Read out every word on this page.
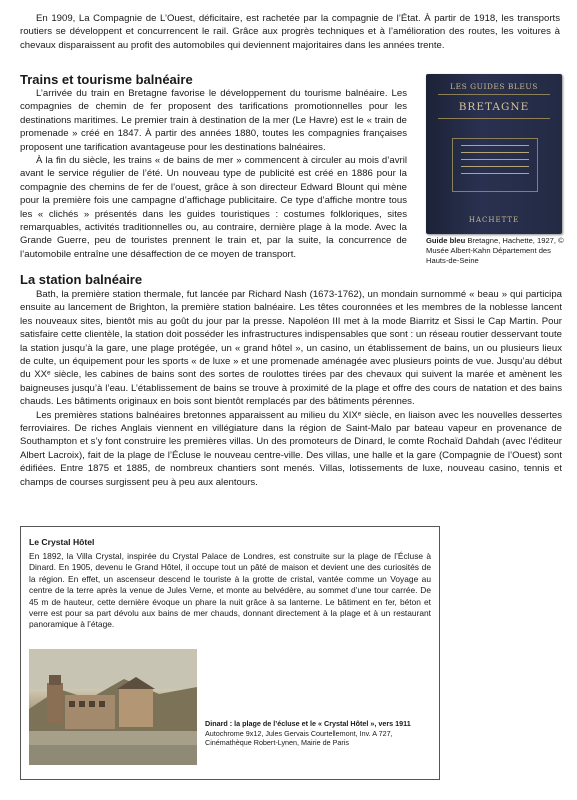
En 1909, La Compagnie de L’Ouest, déficitaire, est rachetée par la compagnie de l’État. À partir de 1918, les transports routiers se développent et concurrencent le rail. Grâce aux progrès techniques et à l’amélioration des routes, les voitures à chevaux disparaissent au profit des automobiles qui deviennent majoritaires dans les années trente.

Trains et tourisme balnéaire

L’arrivée du train en Bretagne favorise le développement du tourisme balnéaire. Les compagnies de chemin de fer proposent des tarifications promotionnelles pour les destinations maritimes. Le premier train à destination de la mer (Le Havre) est le « train de promenade » créé en 1847. À partir des années 1880, toutes les compagnies françaises proposent une tarification avantageuse pour les destinations balnéaires.

À la fin du siècle, les trains « de bains de mer » commencent à circuler au mois d’avril avant le service régulier de l’été. Un nouveau type de publicité est créé en 1886 pour la compagnie des chemins de fer de l’ouest, grâce à son directeur Edward Blount qui mène pour la première fois une campagne d’affichage publicitaire. Ce type d’affiche montre tous les « clichés » présentés dans les guides touristiques : costumes folkloriques, sites remarquables, activités traditionnelles ou, au contraire, dernière plage à la mode. Avec la Grande Guerre, peu de touristes prennent le train et, par la suite, la concurrence de l’automobile entraîne une désaffection de ce moyen de transport.

LES GUIDES BLEUS
BRETAGNE
HACHETTE

Guide bleu Bretagne, Hachette, 1927, © Musée Albert-Kahn Département des Hauts-de-Seine

La station balnéaire

Bath, la première station thermale, fut lancée par Richard Nash (1673-1762), un mondain surnommé « beau » qui participa ensuite au lancement de Brighton, la première station balnéaire. Les têtes couronnées et les membres de la noblesse lancent les nouveaux sites, bientôt mis au goût du jour par la presse. Napoléon III met à la mode Biarritz et Sissi le Cap Martin. Pour satisfaire cette clientèle, la station doit posséder les infrastructures indispensables que sont : un réseau routier desservant toute la station jusqu’à la gare, une plage protégée, un « grand hôtel », un casino, un établissement de bains, un ou plusieurs lieux de culte, un équipement pour les sports « de luxe » et une promenade aménagée avec plusieurs points de vue. Jusqu’au début du XXᵉ siècle, les cabines de bains sont des sortes de roulottes tirées par des chevaux qui suivent la marée et amènent les baigneuses jusqu’à l’eau. L’établissement de bains se trouve à proximité de la plage et offre des cours de natation et des bains chauds. Les bâtiments originaux en bois sont bientôt remplacés par des bâtiments pérennes.

Les premières stations balnéaires bretonnes apparaissent au milieu du XIXᵉ siècle, en liaison avec les nouvelles dessertes ferroviaires. De riches Anglais viennent en villégiature dans la région de Saint-Malo par bateau vapeur en provenance de Southampton et s’y font construire les premières villas. Un des promoteurs de Dinard, le comte Rochaïd Dahdah (avec l’éditeur Albert Lacroix), fait de la plage de l’Écluse le nouveau centre-ville. Des villas, une halle et la gare (Compagnie de l’Ouest) sont édifiées. Entre 1875 et 1885, de nombreux chantiers sont menés. Villas, lotissements de luxe, nouveau casino, tennis et champs de courses surgissent peu à peu aux alentours.

Le Crystal Hôtel

En 1892, la Villa Crystal, inspirée du Crystal Palace de Londres, est construite sur la plage de l’Écluse à Dinard. En 1905, devenu le Grand Hôtel, il occupe tout un pâté de maison et devient une des curiosités de la région. En effet, un ascenseur descend le touriste à la grotte de cristal, vantée comme un Voyage au centre de la terre après la venue de Jules Verne, et monte au belvédère, au sommet d’une tour carrée. De 45 m de hauteur, cette dernière évoque un phare la nuit grâce à sa lanterne. Le bâtiment en fer, béton et verre est pour sa part dévolu aux bains de mer chauds, donnant directement à la plage et à un restaurant panoramique à l’étage.

Dinard : la plage de l’écluse et le « Crystal Hôtel », vers 1911
Autochrome 9x12, Jules Gervais Courtellemont, Inv. A 727, Cinémathèque Robert-Lynen, Mairie de Paris
